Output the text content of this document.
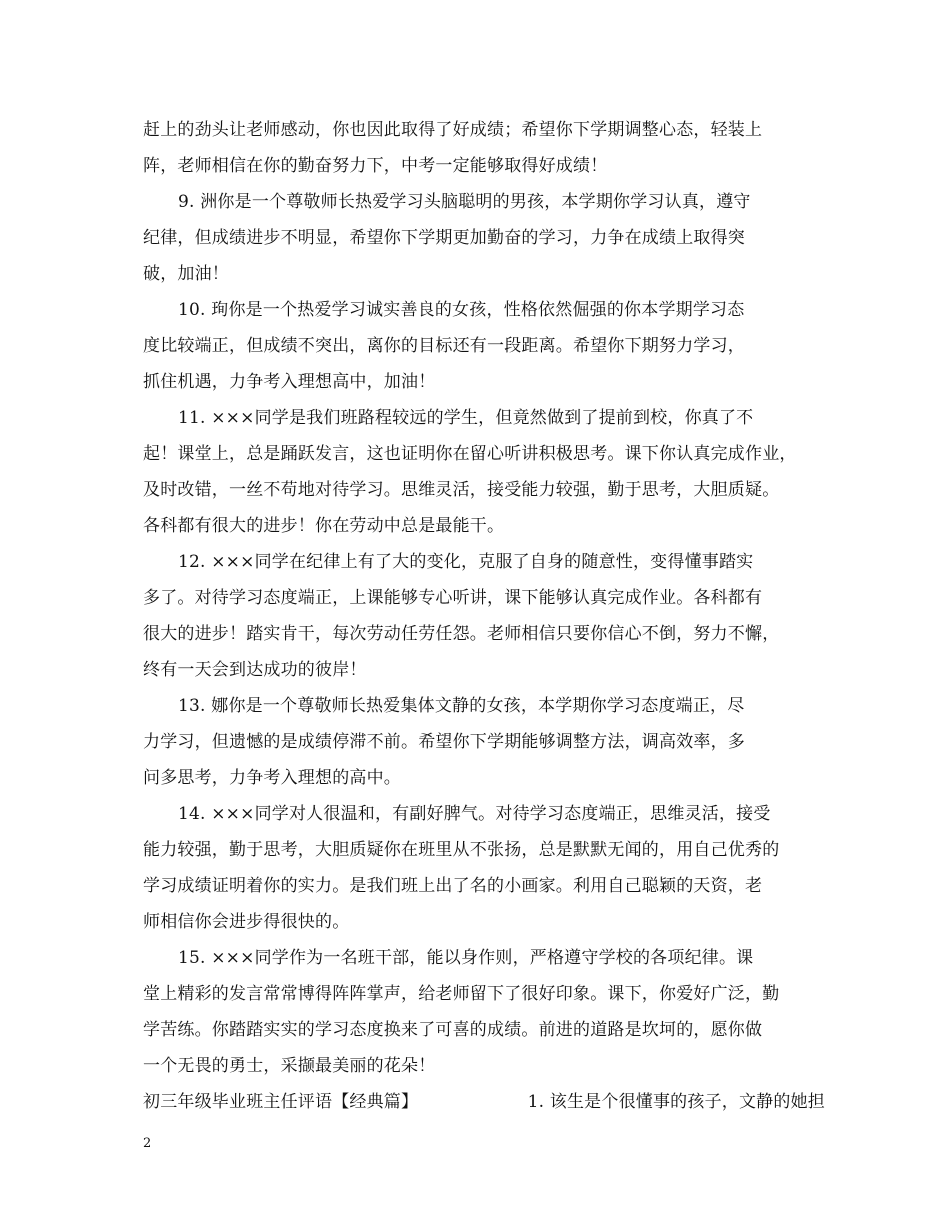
赶上的劲头让老师感动，你也因此取得了好成绩；希望你下学期调整心态，轻装上
阵，老师相信在你的勤奋努力下，中考一定能够取得好成绩！
9. 洲你是一个尊敬师长热爱学习头脑聪明的男孩，本学期你学习认真，遵守
纪律，但成绩进步不明显，希望你下学期更加勤奋的学习，力争在成绩上取得突
破，加油！
10. 珣你是一个热爱学习诚实善良的女孩，性格依然倔强的你本学期学习态
度比较端正，但成绩不突出，离你的目标还有一段距离。希望你下期努力学习，
抓住机遇，力争考入理想高中，加油！
11. ×××同学是我们班路程较远的学生，但竟然做到了提前到校，你真了不
起！课堂上，总是踊跃发言，这也证明你在留心听讲积极思考。课下你认真完成作业，
及时改错，一丝不苟地对待学习。思维灵活，接受能力较强，勤于思考，大胆质疑。
各科都有很大的进步！你在劳动中总是最能干。
12. ×××同学在纪律上有了大的变化，克服了自身的随意性，变得懂事踏实
多了。对待学习态度端正，上课能够专心听讲，课下能够认真完成作业。各科都有
很大的进步！踏实肯干，每次劳动任劳任怨。老师相信只要你信心不倒，努力不懈，
终有一天会到达成功的彼岸！
13. 娜你是一个尊敬师长热爱集体文静的女孩，本学期你学习态度端正，尽
力学习，但遗憾的是成绩停滞不前。希望你下学期能够调整方法，调高效率，多
问多思考，力争考入理想的高中。
14. ×××同学对人很温和，有副好脾气。对待学习态度端正，思维灵活，接受
能力较强，勤于思考，大胆质疑你在班里从不张扬，总是默默无闻的，用自己优秀的
学习成绩证明着你的实力。是我们班上出了名的小画家。利用自己聪颖的天资，老
师相信你会进步得很快的。
15. ×××同学作为一名班干部，能以身作则，严格遵守学校的各项纪律。课
堂上精彩的发言常常博得阵阵掌声，给老师留下了很好印象。课下，你爱好广泛，勤
学苦练。你踏踏实实的学习态度换来了可喜的成绩。前进的道路是坎坷的，愿你做
一个无畏的勇士，采撷最美丽的花朵！
初三年级毕业班主任评语【经典篇】	1. 该生是个很懂事的孩子，文静的她担
2
